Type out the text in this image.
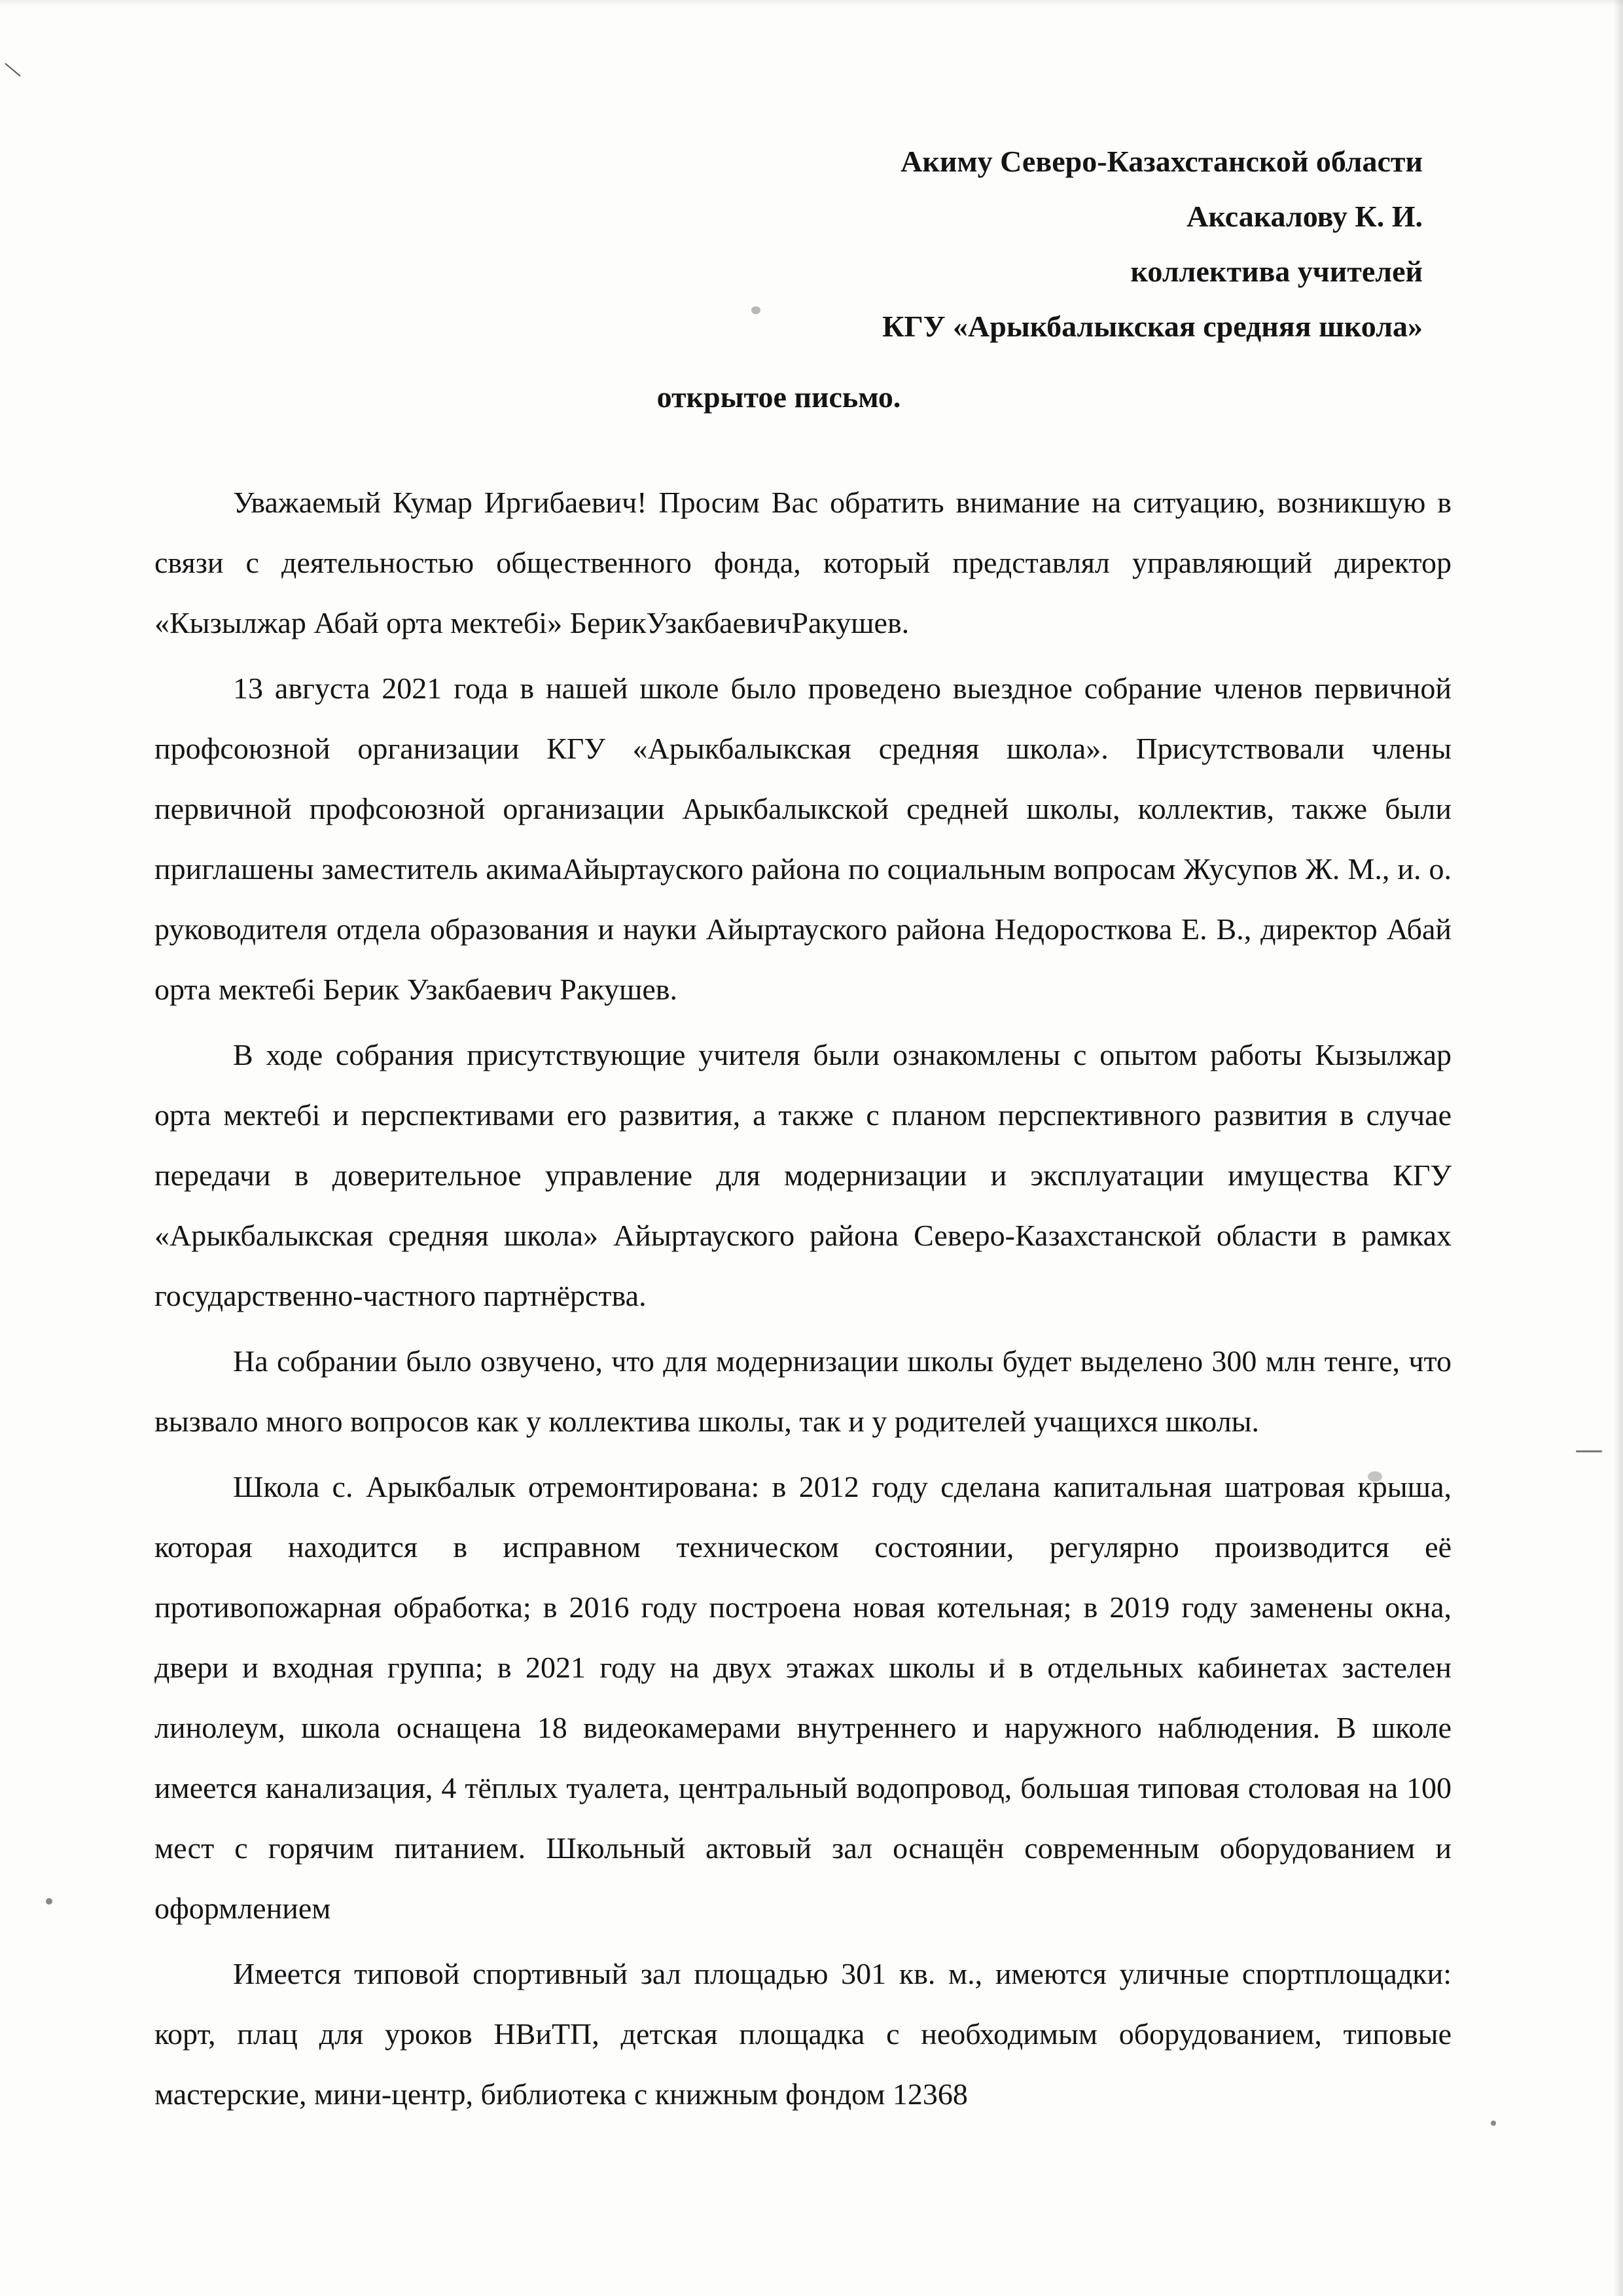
Акиму Северо-Казахстанской области
Аксакалову К. И.
коллектива учителей
КГУ «Арыкбалыкская средняя школа»
открытое письмо.

Уважаемый Кумар Иргибаевич! Просим Вас обратить внимание на ситуацию, возникшую в связи с деятельностью общественного фонда, который представлял управляющий директор «Кызылжар Абай орта мектебі» БерикУзакбаевичРакушев.

13 августа 2021 года в нашей школе было проведено выездное собрание членов первичной профсоюзной организации КГУ «Арыкбалыкская средняя школа». Присутствовали члены первичной профсоюзной организации Арыкбалыкской средней школы, коллектив, также были приглашены заместитель акимаАйыртауского района по социальным вопросам Жусупов Ж. М., и. о. руководителя отдела образования и науки Айыртауского района Недоросткова Е. В., директор Абай орта мектебі Берик Узакбаевич Ракушев.

В ходе собрания присутствующие учителя были ознакомлены с опытом работы Кызылжар орта мектебі и перспективами его развития, а также с планом перспективного развития в случае передачи в доверительное управление для модернизации и эксплуатации имущества КГУ «Арыкбалыкская средняя школа» Айыртауского района Северо-Казахстанской области в рамках государственно-частного партнёрства.

На собрании было озвучено, что для модернизации школы будет выделено 300 млн тенге, что вызвало много вопросов как у коллектива школы, так и у родителей учащихся школы.

Школа с. Арыкбалык отремонтирована: в 2012 году сделана капитальная шатровая крыша, которая находится в исправном техническом состоянии, регулярно производится её противопожарная обработка; в 2016 году построена новая котельная; в 2019 году заменены окна, двери и входная группа; в 2021 году на двух этажах школы и в отдельных кабинетах застелен линолеум, школа оснащена 18 видеокамерами внутреннего и наружного наблюдения. В школе имеется канализация, 4 тёплых туалета, центральный водопровод, большая типовая столовая на 100 мест с горячим питанием. Школьный актовый зал оснащён современным оборудованием и оформлением

Имеется типовой спортивный зал площадью 301 кв. м., имеются уличные спортплощадки: корт, плац для уроков НВиТП, детская площадка с необходимым оборудованием, типовые мастерские, мини-центр, библиотека с книжным фондом 12368
